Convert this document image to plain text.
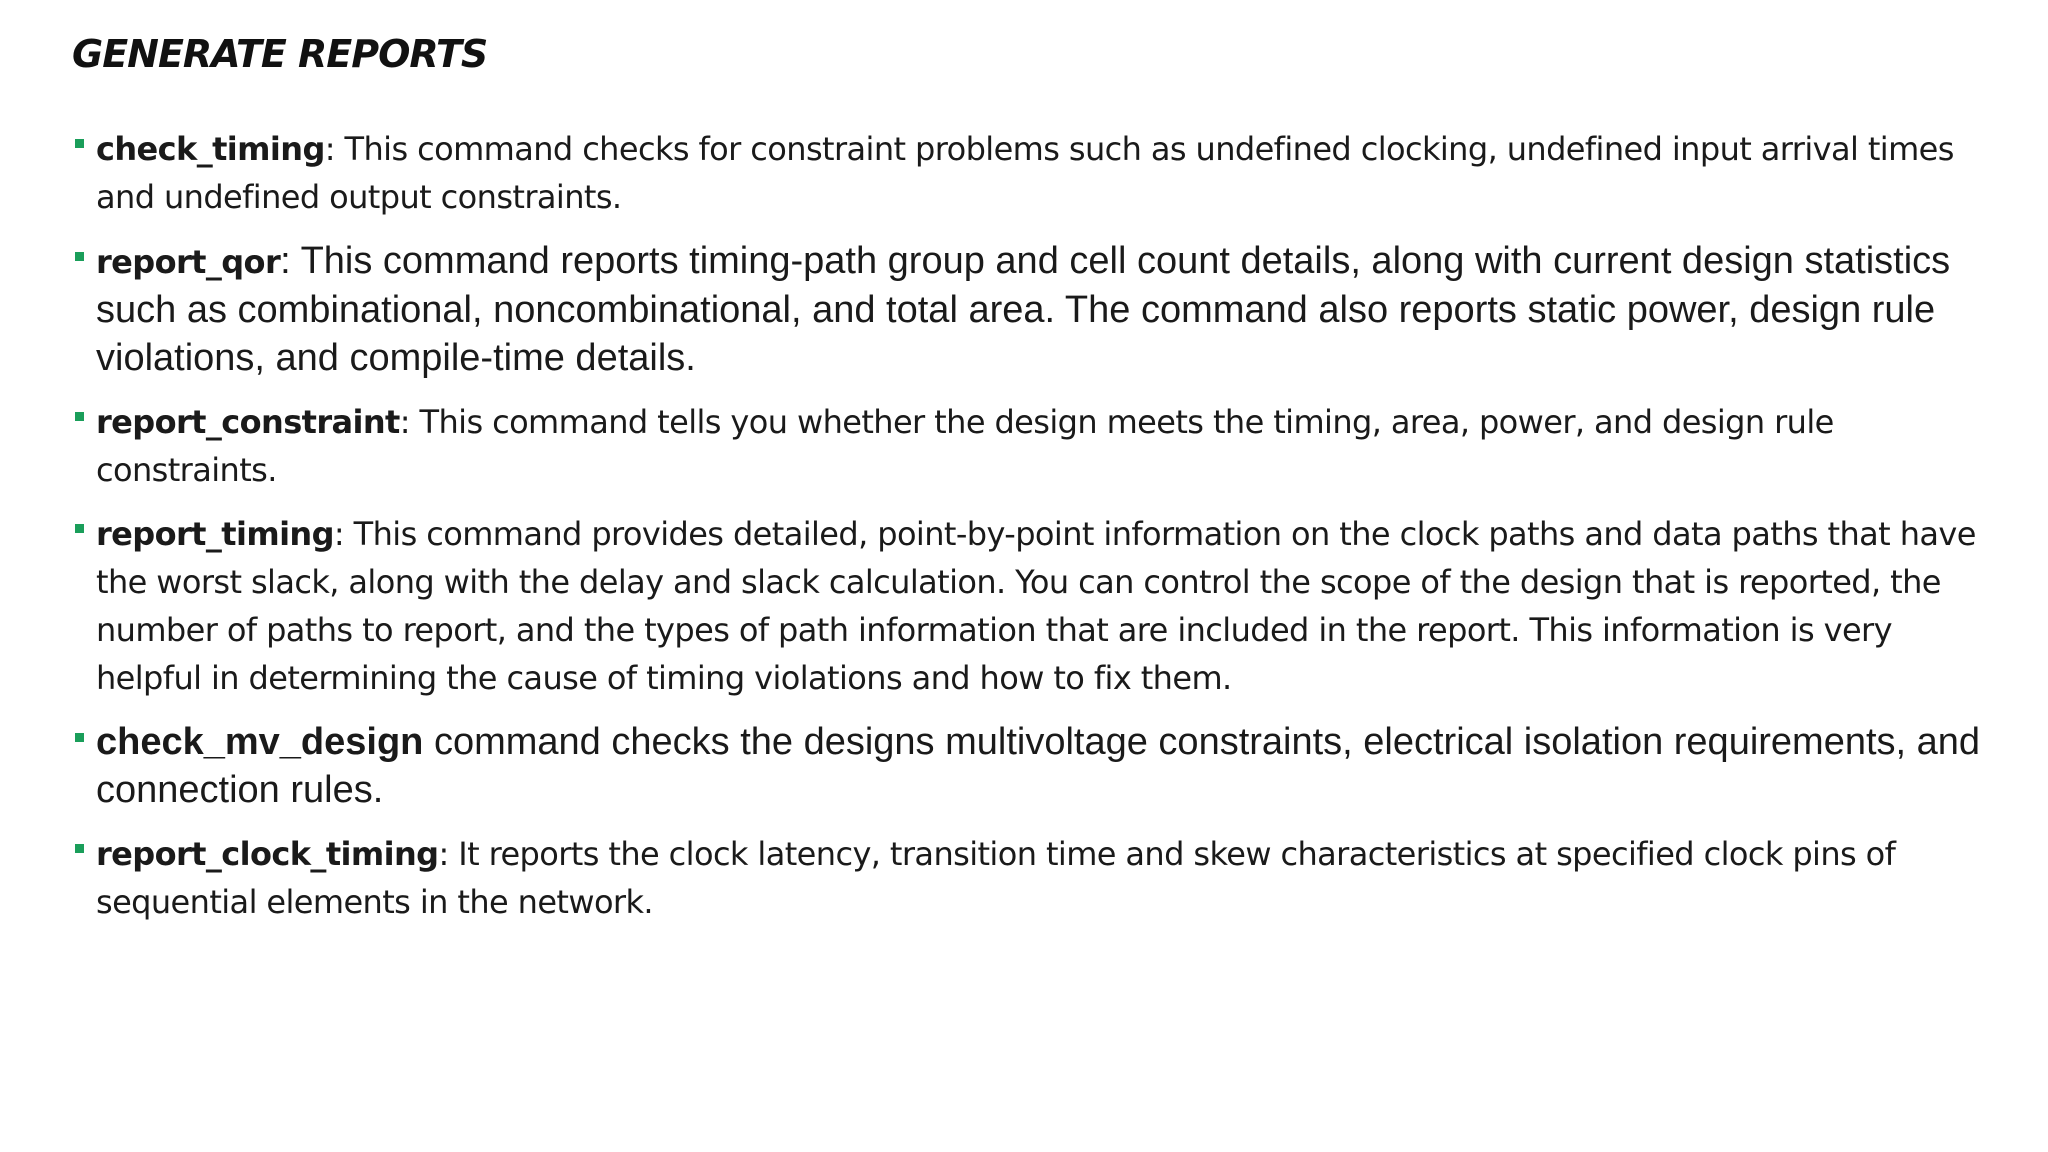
GENERATE REPORTS
check_timing: This command checks for constraint problems such as undefined clocking, undefined input arrival times and undefined output constraints.
report_qor: This command reports timing-path group and cell count details, along with current design statistics such as combinational, noncombinational, and total area. The command also reports static power, design rule violations, and compile-time details.
report_constraint: This command tells you whether the design meets the timing, area, power, and design rule constraints.
report_timing: This command provides detailed, point-by-point information on the clock paths and data paths that have the worst slack, along with the delay and slack calculation. You can control the scope of the design that is reported, the number of paths to report, and the types of path information that are included in the report. This information is very helpful in determining the cause of timing violations and how to fix them.
check_mv_design command checks the designs multivoltage constraints, electrical isolation requirements, and connection rules.
report_clock_timing: It reports the clock latency, transition time and skew characteristics at specified clock pins of sequential elements in the network.
